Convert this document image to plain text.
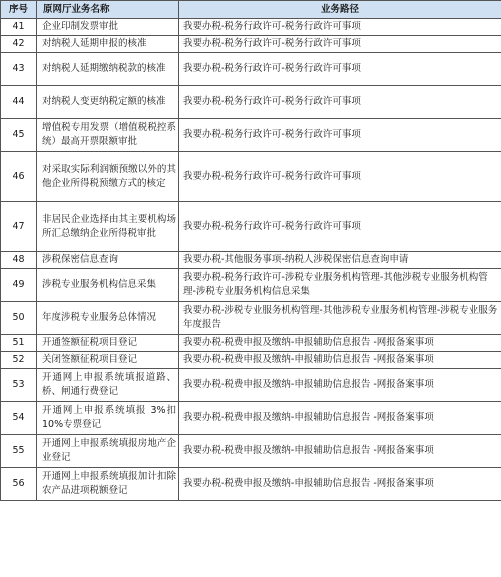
序号	原网厅业务名称	业务路径
41	企业印制发票审批	我要办税-税务行政许可-税务行政许可事项
42	对纳税人延期申报的核准	我要办税-税务行政许可-税务行政许可事项
43	对纳税人延期缴纳税款的核准	我要办税-税务行政许可-税务行政许可事项
44	对纳税人变更纳税定额的核准	我要办税-税务行政许可-税务行政许可事项
45	增值税专用发票（增值税税控系统）最高开票限额审批	我要办税-税务行政许可-税务行政许可事项
46	对采取实际利润额预缴以外的其他企业所得税预缴方式的核定	我要办税-税务行政许可-税务行政许可事项
47	非居民企业选择由其主要机构场所汇总缴纳企业所得税审批	我要办税-税务行政许可-税务行政许可事项
48	涉税保密信息查询	我要办税-其他服务事项-纳税人涉税保密信息查询申请
49	涉税专业服务机构信息采集	我要办税-税务行政许可-涉税专业服务机构管理-其他涉税专业服务机构管理-涉税专业服务机构信息采集
50	年度涉税专业服务总体情况	我要办税-涉税专业服务机构管理-其他涉税专业服务机构管理-涉税专业服务年度报告
51	开通签额征税项目登记	我要办税-税费申报及缴纳-申报辅助信息报告 -网报备案事项
52	关闭签额征税项目登记	我要办税-税费申报及缴纳-申报辅助信息报告 -网报备案事项
53	开通网上申报系统填报道路、桥、闸通行费登记	我要办税-税费申报及缴纳-申报辅助信息报告 -网报备案事项
54	开通网上申报系统填报 3%扣 10%专票登记	我要办税-税费申报及缴纳-申报辅助信息报告 -网报备案事项
55	开通网上申报系统填报房地产企业登记	我要办税-税费申报及缴纳-申报辅助信息报告 -网报备案事项
56	开通网上申报系统填报加计扣除农产品进项税额登记	我要办税-税费申报及缴纳-申报辅助信息报告 -网报备案事项
